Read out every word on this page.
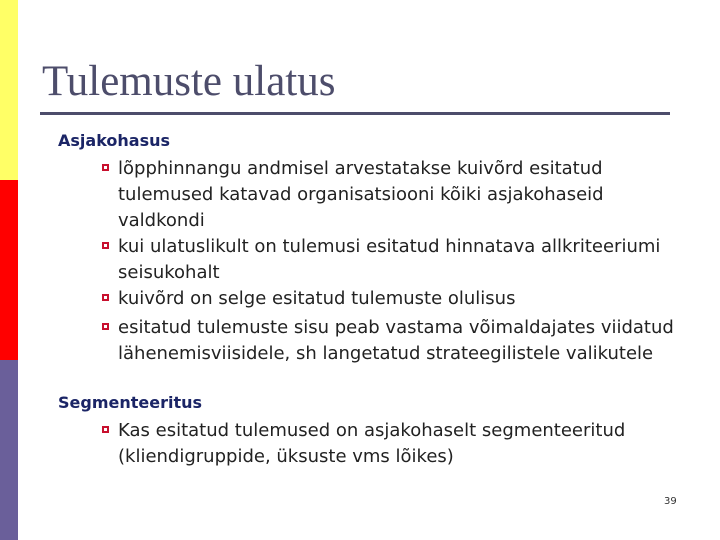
Tulemuste ulatus
Asjakohasus
lõpphinnangu andmisel arvestatakse kuivõrd esitatud tulemused katavad organisatsiooni kõiki asjakohaseid valdkondi
kui ulatuslikult on tulemusi esitatud hinnatava allkriteeriumi seisukohalt
kuivõrd on selge esitatud tulemuste olulisus
esitatud tulemuste sisu peab vastama võimaldajates viidatud lähenemisviisidele, sh langetatud strateegilistele valikutele
Segmenteeritus
Kas esitatud tulemused on asjakohaselt segmenteeritud (kliendigruppide, üksuste vms lõikes)
39
